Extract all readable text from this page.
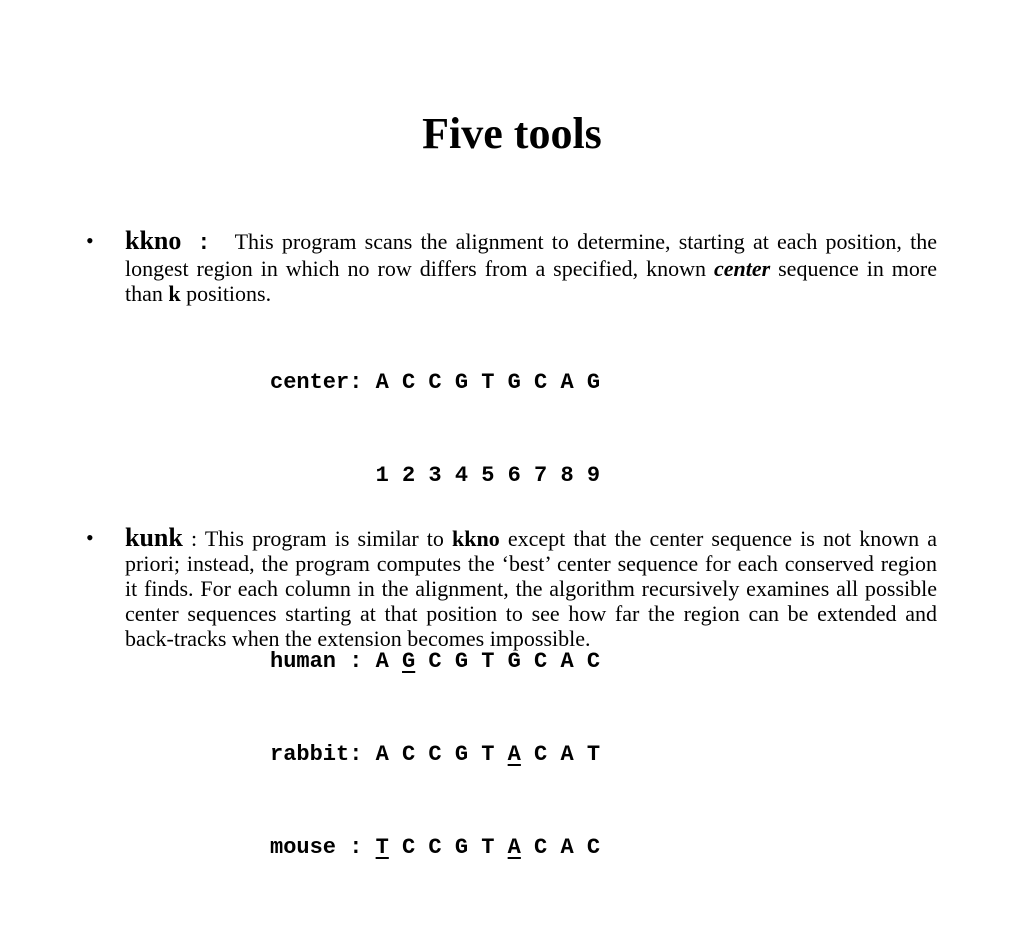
Five tools
• kkno :  This program scans the alignment to determine, starting at each position, the longest region in which no row differs from a specified, known center sequence in more than k positions.

center: A C C G T G C A G

1 2 3 4 5 6 7 8 9

human : A G C G T G C A C

rabbit: A C C G T A C A T

mouse : T C C G T A C A C

• kunk : This program is similar to kkno except that the center sequence is not known a priori; instead, the program computes the ‘best’ center sequence for each conserved region it finds. For each column in the alignment, the algorithm recursively examines all possible center sequences starting at that position to see how far the region can be extended and back-tracks when the extension becomes impossible.
